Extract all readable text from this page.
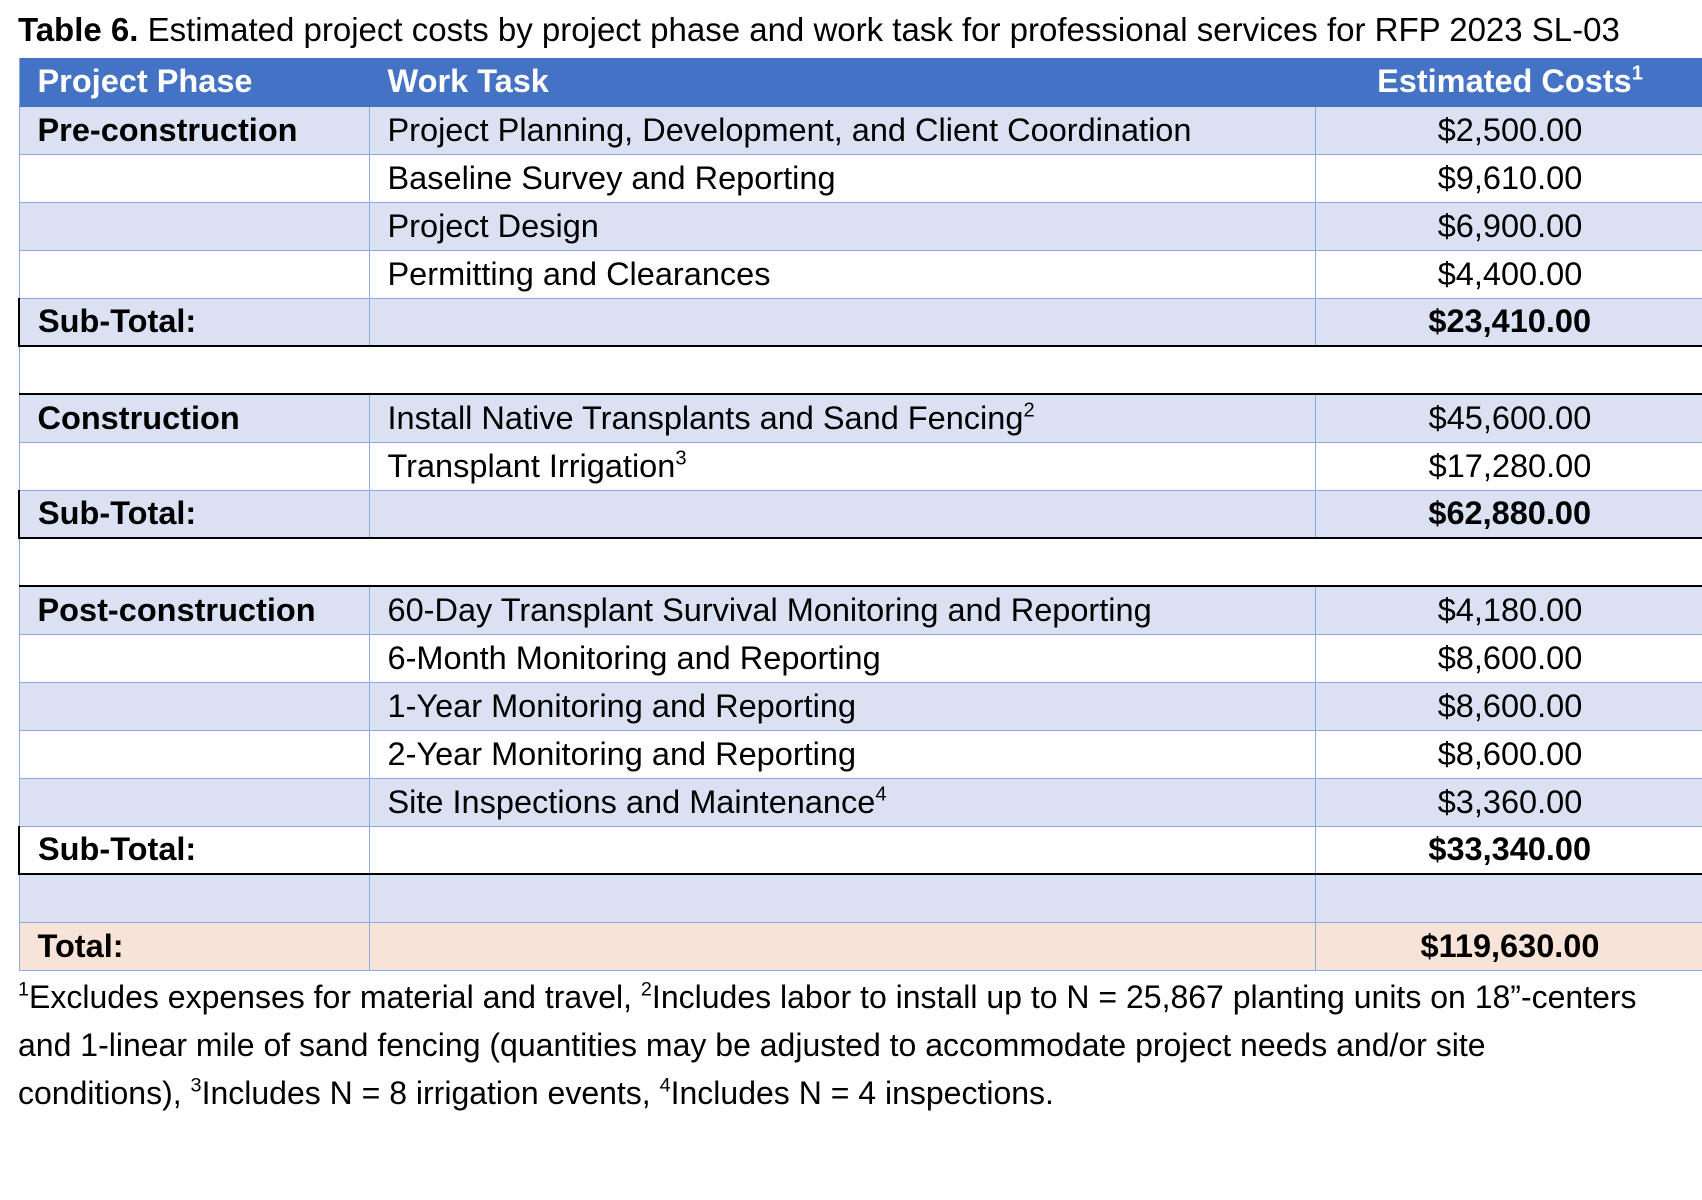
Table 6. Estimated project costs by project phase and work task for professional services for RFP 2023 SL-03
Project Phase	Work Task	Estimated Costs$^1$
Pre-construction	Project Planning, Development, and Client Coordination	$2,500.00
	Baseline Survey and Reporting	$9,610.00
	Project Design	$6,900.00
	Permitting and Clearances	$4,400.00
Sub-Total:		$23,410.00

Construction	Install Native Transplants and Sand Fencing$^2$	$45,600.00
	Transplant Irrigation$^3$	$17,280.00
Sub-Total:		$62,880.00

Post-construction	60-Day Transplant Survival Monitoring and Reporting	$4,180.00
	6-Month Monitoring and Reporting	$8,600.00
	1-Year Monitoring and Reporting	$8,600.00
	2-Year Monitoring and Reporting	$8,600.00
	Site Inspections and Maintenance$^4$	$3,360.00
Sub-Total:		$33,340.00

Total:		$119,630.00
$^1$Excludes expenses for material and travel, $^2$Includes labor to install up to N = 25,867 planting units on 18”-centers and 1-linear mile of sand fencing (quantities may be adjusted to accommodate project needs and/or site conditions), $^3$Includes N = 8 irrigation events, $^4$Includes N = 4 inspections.
